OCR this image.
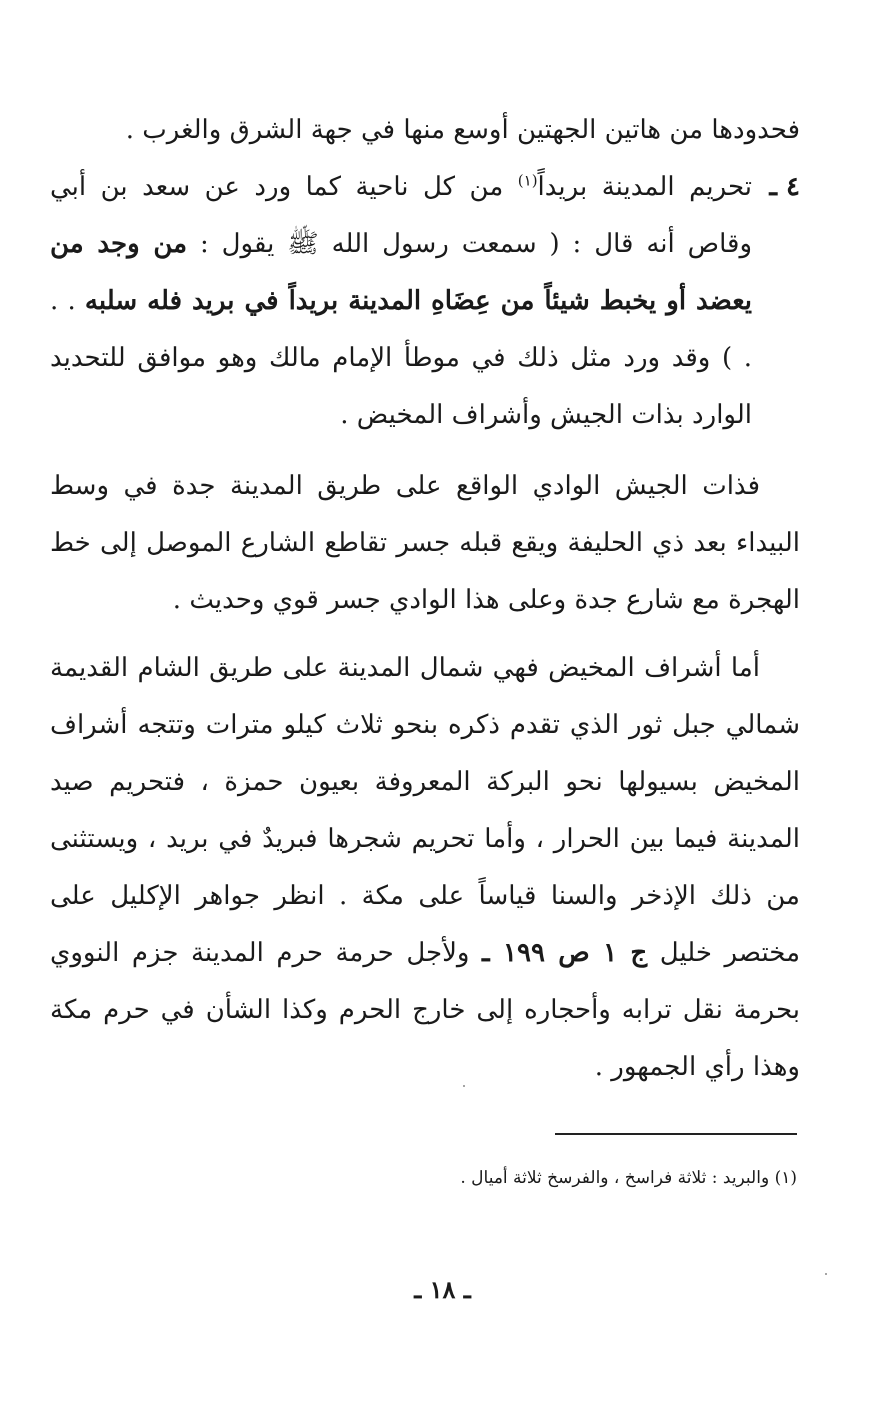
فحدودها من هاتين الجهتين أوسع منها في جهة الشرق والغرب .

٤ ـ

تحريم المدينة بريداً$^{(١)}$ من كل ناحية كما ورد عن سعد بن أبي وقاص أنه قال : ( سمعت رسول الله ﷺ يقول : من وجد من يعضد أو يخبط شيئاً من عِضَاهِ المدينة بريداً في بريد فله سلبه . . . ) وقد ورد مثل ذلك في موطأ الإمام مالك وهو موافق للتحديد الوارد بذات الجيش وأشراف المخيض .

فذات الجيش الوادي الواقع على طريق المدينة جدة في وسط البيداء بعد ذي الحليفة ويقع قبله جسر تقاطع الشارع الموصل إلى خط الهجرة مع شارع جدة وعلى هذا الوادي جسر قوي وحديث .

أما أشراف المخيض فهي شمال المدينة على طريق الشام القديمة شمالي جبل ثور الذي تقدم ذكره بنحو ثلاث كيلو مترات وتتجه أشراف المخيض بسيولها نحو البركة المعروفة بعيون حمزة ، فتحريم صيد المدينة فيما بين الحرار ، وأما تحريم شجرها فبريدٌ في بريد ، ويستثنى من ذلك الإذخر والسنا قياساً على مكة . انظر جواهر الإكليل على مختصر خليل ج ١ ص ١٩٩ ـ ولأجل حرمة حرم المدينة جزم النووي بحرمة نقل ترابه وأحجاره إلى خارج الحرم وكذا الشأن في حرم مكة وهذا رأي الجمهور .

(١) والبريد : ثلاثة فراسخ ، والفرسخ ثلاثة أميال .
ـ ١٨ ـ
